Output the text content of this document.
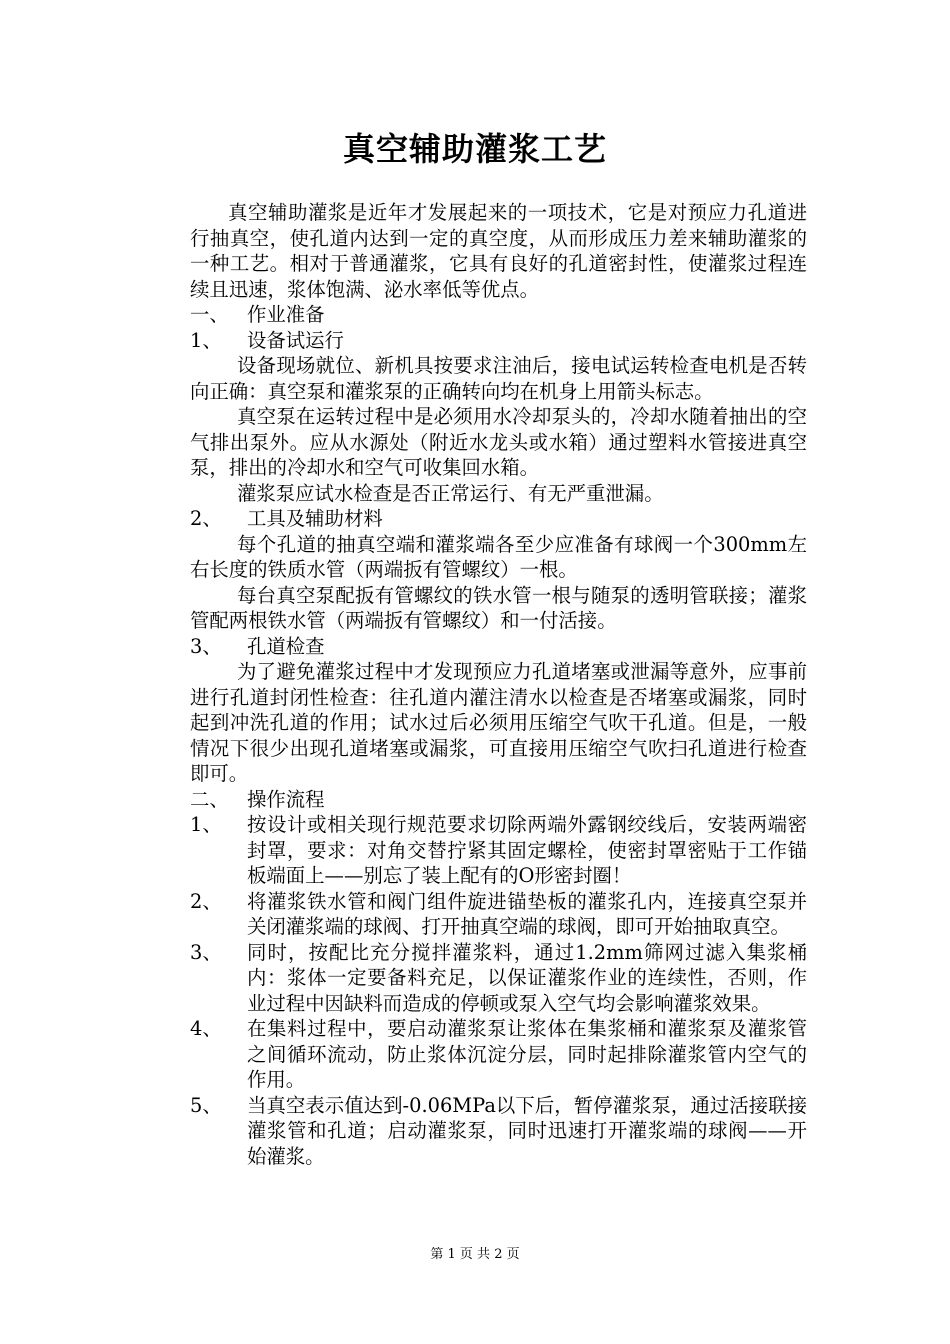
真空辅助灌浆工艺

真空辅助灌浆是近年才发展起来的一项技术，它是对预应力孔道进行抽真空，使孔道内达到一定的真空度，从而形成压力差来辅助灌浆的一种工艺。相对于普通灌浆，它具有良好的孔道密封性，使灌浆过程连续且迅速，浆体饱满、泌水率低等优点。

一、 作业准备
1、	设备试运行

设备现场就位、新机具按要求注油后，接电试运转检查电机是否转向正确：真空泵和灌浆泵的正确转向均在机身上用箭头标志。

真空泵在运转过程中是必须用水冷却泵头的，冷却水随着抽出的空气排出泵外。应从水源处（附近水龙头或水箱）通过塑料水管接进真空泵，排出的冷却水和空气可收集回水箱。

灌浆泵应试水检查是否正常运行、有无严重泄漏。

2、	工具及辅助材料

每个孔道的抽真空端和灌浆端各至少应准备有球阀一个300mm左右长度的铁质水管（两端扳有管螺纹）一根。

每台真空泵配扳有管螺纹的铁水管一根与随泵的透明管联接；灌浆管配两根铁水管（两端扳有管螺纹）和一付活接。

3、	孔道检查

为了避免灌浆过程中才发现预应力孔道堵塞或泄漏等意外，应事前进行孔道封闭性检查：往孔道内灌注清水以检查是否堵塞或漏浆，同时起到冲洗孔道的作用；试水过后必须用压缩空气吹干孔道。但是，一般情况下很少出现孔道堵塞或漏浆，可直接用压缩空气吹扫孔道进行检查即可。

二、 操作流程
1、	按设计或相关现行规范要求切除两端外露钢绞线后，安装两端密封罩，要求：对角交替拧紧其固定螺栓，使密封罩密贴于工作锚板端面上——别忘了装上配有的O形密封圈！
2、	将灌浆铁水管和阀门组件旋进锚垫板的灌浆孔内，连接真空泵并关闭灌浆端的球阀、打开抽真空端的球阀，即可开始抽取真空。
3、	同时，按配比充分搅拌灌浆料，通过1.2mm筛网过滤入集浆桶内：浆体一定要备料充足，以保证灌浆作业的连续性，否则，作业过程中因缺料而造成的停顿或泵入空气均会影响灌浆效果。
4、	在集料过程中，要启动灌浆泵让浆体在集浆桶和灌浆泵及灌浆管之间循环流动，防止浆体沉淀分层，同时起排除灌浆管内空气的作用。
5、	当真空表示值达到-0.06MPa以下后，暂停灌浆泵，通过活接联接灌浆管和孔道；启动灌浆泵，同时迅速打开灌浆端的球阀——开始灌浆。
第 1 页 共 2 页
